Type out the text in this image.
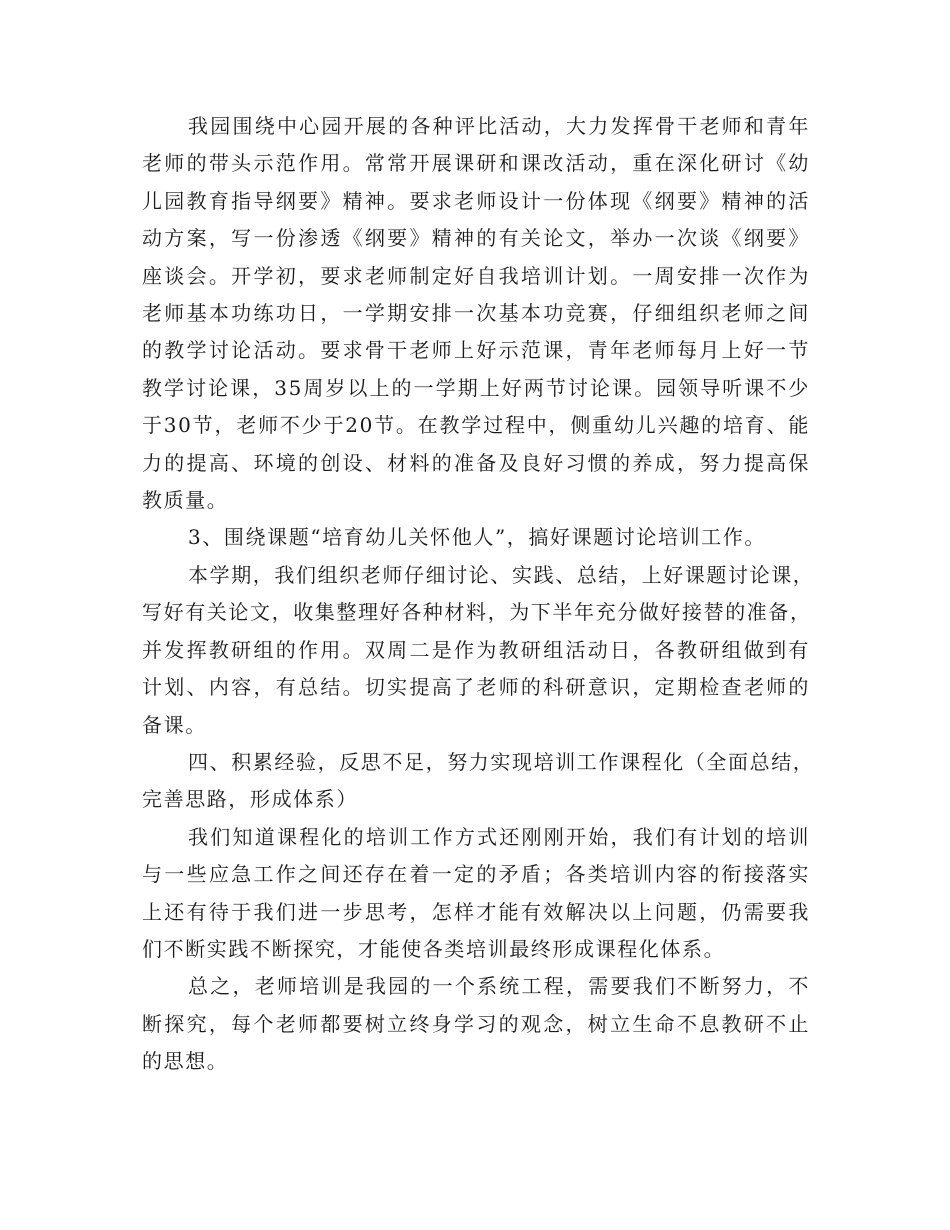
我园围绕中心园开展的各种评比活动，大力发挥骨干老师和青年
老师的带头示范作用。常常开展课研和课改活动，重在深化研讨《幼
儿园教育指导纲要》精神。要求老师设计一份体现《纲要》精神的活
动方案，写一份渗透《纲要》精神的有关论文，举办一次谈《纲要》
座谈会。开学初，要求老师制定好自我培训计划。一周安排一次作为
老师基本功练功日，一学期安排一次基本功竞赛，仔细组织老师之间
的教学讨论活动。要求骨干老师上好示范课，青年老师每月上好一节
教学讨论课，35周岁以上的一学期上好两节讨论课。园领导听课不少
于30节，老师不少于20节。在教学过程中，侧重幼儿兴趣的培育、能
力的提高、环境的创设、材料的准备及良好习惯的养成，努力提高保
教质量。
3、围绕课题“培育幼儿关怀他人”，搞好课题讨论培训工作。
本学期，我们组织老师仔细讨论、实践、总结，上好课题讨论课，
写好有关论文，收集整理好各种材料，为下半年充分做好接替的准备，
并发挥教研组的作用。双周二是作为教研组活动日，各教研组做到有
计划、内容，有总结。切实提高了老师的科研意识，定期检查老师的
备课。
四、积累经验，反思不足，努力实现培训工作课程化（全面总结，
完善思路，形成体系）
我们知道课程化的培训工作方式还刚刚开始，我们有计划的培训
与一些应急工作之间还存在着一定的矛盾；各类培训内容的衔接落实
上还有待于我们进一步思考，怎样才能有效解决以上问题，仍需要我
们不断实践不断探究，才能使各类培训最终形成课程化体系。
总之，老师培训是我园的一个系统工程，需要我们不断努力，不
断探究，每个老师都要树立终身学习的观念，树立生命不息教研不止
的思想。
